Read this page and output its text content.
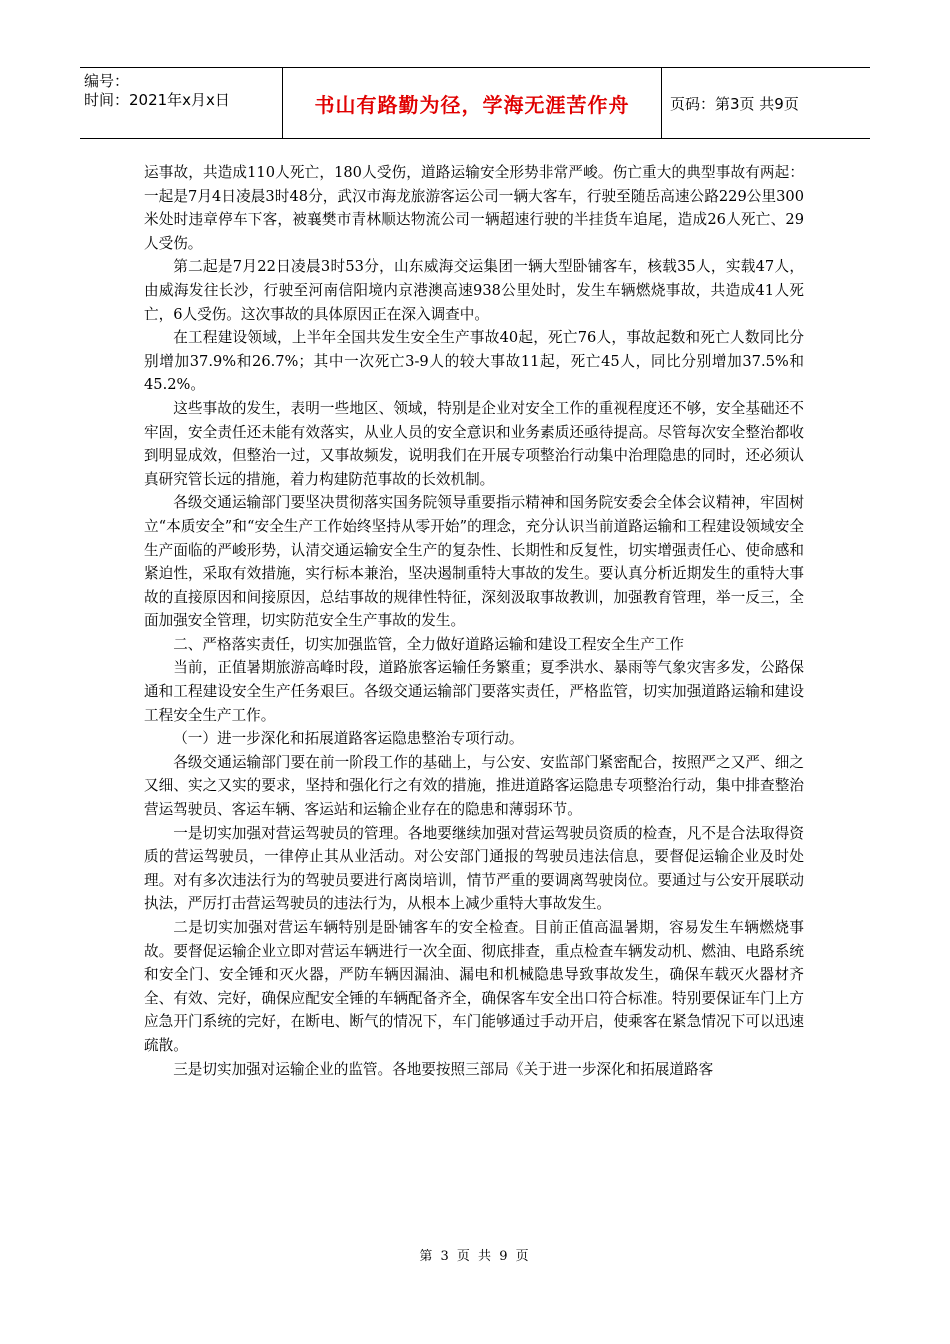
编号：
时间：2021年x月x日	书山有路勤为径，学海无涯苦作舟	页码：第3页 共9页

运事故，共造成110人死亡，180人受伤，道路运输安全形势非常严峻。伤亡重大的典型事故有两起：一起是7月4日凌晨3时48分，武汉市海龙旅游客运公司一辆大客车，行驶至随岳高速公路229公里300米处时违章停车下客，被襄樊市青林顺达物流公司一辆超速行驶的半挂货车追尾，造成26人死亡、29人受伤。

第二起是7月22日凌晨3时53分，山东威海交运集团一辆大型卧铺客车，核载35人，实载47人，由威海发往长沙，行驶至河南信阳境内京港澳高速938公里处时，发生车辆燃烧事故，共造成41人死亡，6人受伤。这次事故的具体原因正在深入调查中。

在工程建设领域，上半年全国共发生安全生产事故40起，死亡76人，事故起数和死亡人数同比分别增加37.9%和26.7%；其中一次死亡3-9人的较大事故11起，死亡45人，同比分别增加37.5%和45.2%。

这些事故的发生，表明一些地区、领域，特别是企业对安全工作的重视程度还不够，安全基础还不牢固，安全责任还未能有效落实，从业人员的安全意识和业务素质还亟待提高。尽管每次安全整治都收到明显成效，但整治一过，又事故频发，说明我们在开展专项整治行动集中治理隐患的同时，还必须认真研究管长远的措施，着力构建防范事故的长效机制。

各级交通运输部门要坚决贯彻落实国务院领导重要指示精神和国务院安委会全体会议精神，牢固树立“本质安全”和“安全生产工作始终坚持从零开始”的理念，充分认识当前道路运输和工程建设领域安全生产面临的严峻形势，认清交通运输安全生产的复杂性、长期性和反复性，切实增强责任心、使命感和紧迫性，采取有效措施，实行标本兼治，坚决遏制重特大事故的发生。要认真分析近期发生的重特大事故的直接原因和间接原因，总结事故的规律性特征，深刻汲取事故教训，加强教育管理，举一反三，全面加强安全管理，切实防范安全生产事故的发生。

二、严格落实责任，切实加强监管，全力做好道路运输和建设工程安全生产工作

当前，正值暑期旅游高峰时段，道路旅客运输任务繁重；夏季洪水、暴雨等气象灾害多发，公路保通和工程建设安全生产任务艰巨。各级交通运输部门要落实责任，严格监管，切实加强道路运输和建设工程安全生产工作。

（一）进一步深化和拓展道路客运隐患整治专项行动。

各级交通运输部门要在前一阶段工作的基础上，与公安、安监部门紧密配合，按照严之又严、细之又细、实之又实的要求，坚持和强化行之有效的措施，推进道路客运隐患专项整治行动，集中排查整治营运驾驶员、客运车辆、客运站和运输企业存在的隐患和薄弱环节。

一是切实加强对营运驾驶员的管理。各地要继续加强对营运驾驶员资质的检查，凡不是合法取得资质的营运驾驶员，一律停止其从业活动。对公安部门通报的驾驶员违法信息，要督促运输企业及时处理。对有多次违法行为的驾驶员要进行离岗培训，情节严重的要调离驾驶岗位。要通过与公安开展联动执法，严厉打击营运驾驶员的违法行为，从根本上减少重特大事故发生。

二是切实加强对营运车辆特别是卧铺客车的安全检查。目前正值高温暑期，容易发生车辆燃烧事故。要督促运输企业立即对营运车辆进行一次全面、彻底排查，重点检查车辆发动机、燃油、电路系统和安全门、安全锤和灭火器，严防车辆因漏油、漏电和机械隐患导致事故发生，确保车载灭火器材齐全、有效、完好，确保应配安全锤的车辆配备齐全，确保客车安全出口符合标准。特别要保证车门上方应急开门系统的完好，在断电、断气的情况下，车门能够通过手动开启，使乘客在紧急情况下可以迅速疏散。

三是切实加强对运输企业的监管。各地要按照三部局《关于进一步深化和拓展道路客

第 3 页 共 9 页
